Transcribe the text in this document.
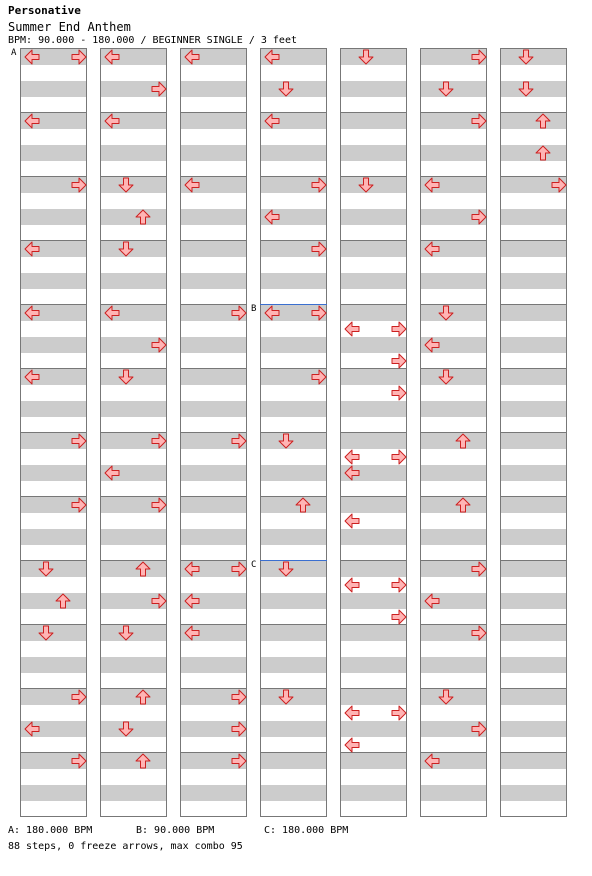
Personative
Summer End Anthem
BPM: 90.000 - 180.000 / BEGINNER SINGLE / 3 feet
A
B
C
A: 180.000 BPM	B: 90.000 BPM	C: 180.000 BPM
88 steps, 0 freeze arrows, max combo 95
